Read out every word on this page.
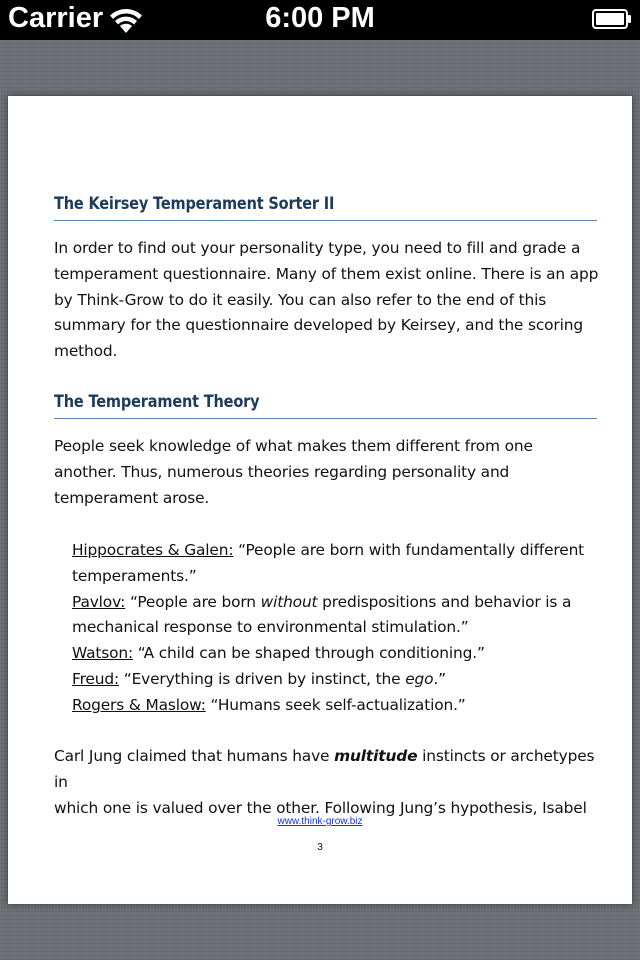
Carrier	6:00 PM
The Keirsey Temperament Sorter II
In order to find out your personality type, you need to fill and grade a
temperament questionnaire. Many of them exist online. There is an app
by Think-Grow to do it easily. You can also refer to the end of this
summary for the questionnaire developed by Keirsey, and the scoring
method.
The Temperament Theory
People seek knowledge of what makes them different from one
another. Thus, numerous theories regarding personality and
temperament arose.
Hippocrates & Galen: “People are born with fundamentally different
temperaments.”
Pavlov: “People are born without predispositions and behavior is a
mechanical response to environmental stimulation.”
Watson: “A child can be shaped through conditioning.”
Freud: “Everything is driven by instinct, the ego.”
Rogers & Maslow: “Humans seek self-actualization.”
Carl Jung claimed that humans have multitude instincts or archetypes in
which one is valued over the other. Following Jung’s hypothesis, Isabel
www.think-grow.biz
3
